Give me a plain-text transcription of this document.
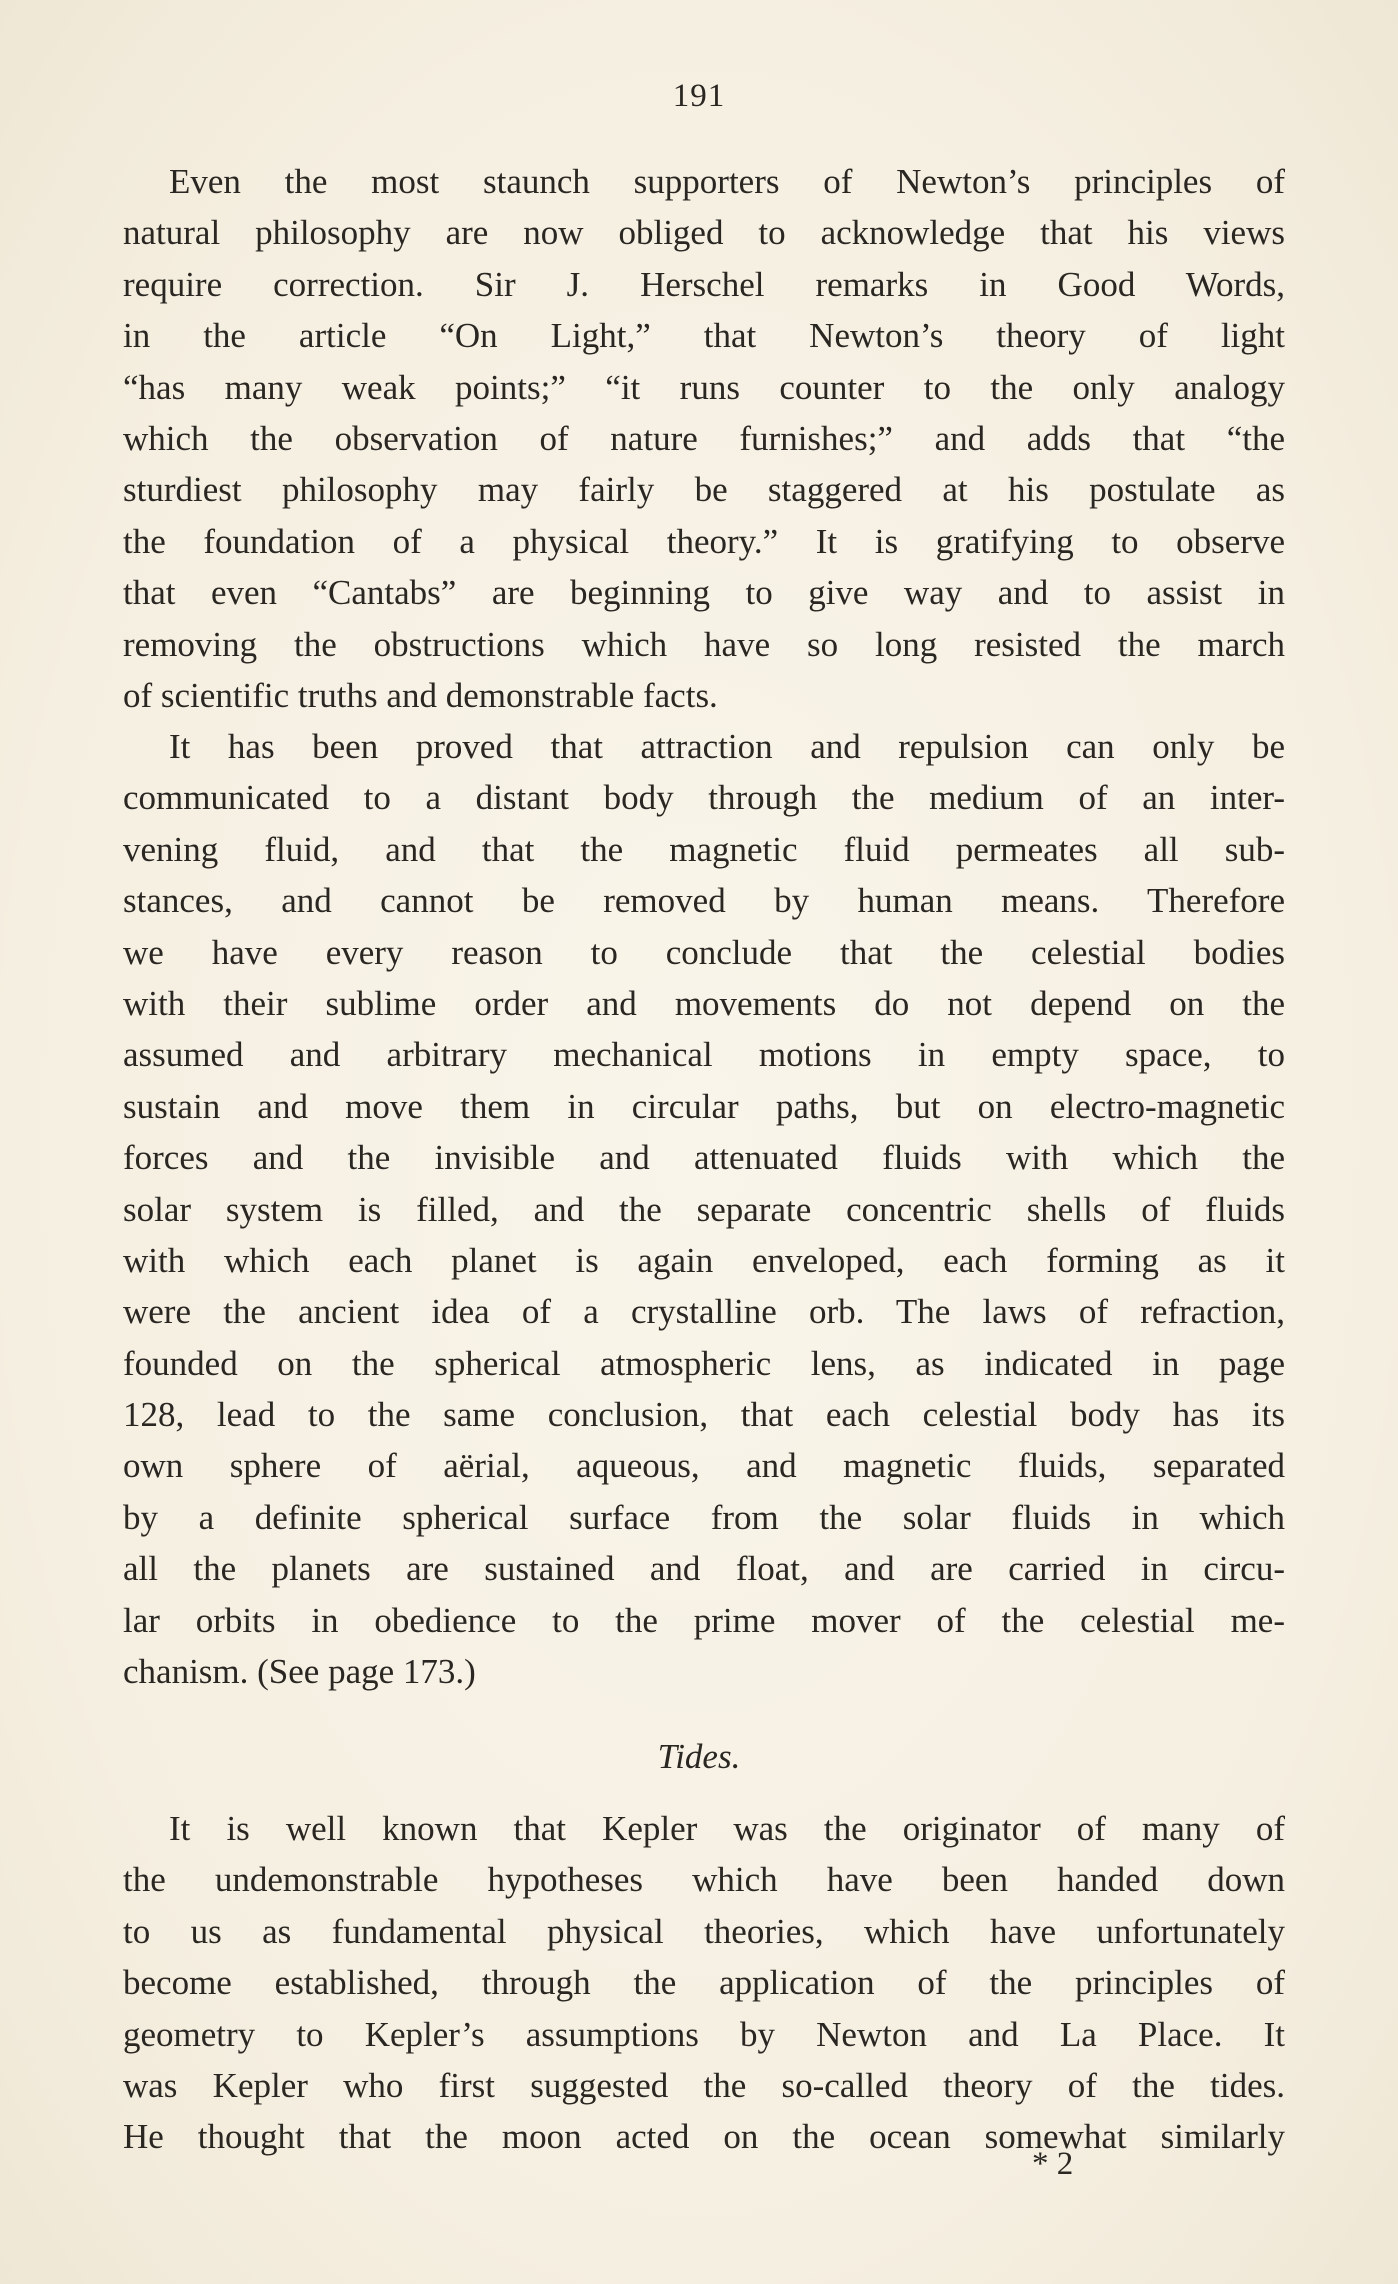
191
Even the most staunch supporters of Newton’s principles of
natural philosophy are now obliged to acknowledge that his views
require correction. Sir J. Herschel remarks in Good Words,
in the article “On Light,” that Newton’s theory of light
“has many weak points;” “it runs counter to the only analogy
which the observation of nature furnishes;” and adds that “the
sturdiest philosophy may fairly be staggered at his postulate as
the foundation of a physical theory.” It is gratifying to observe
that even “Cantabs” are beginning to give way and to assist in
removing the obstructions which have so long resisted the march
of scientific truths and demonstrable facts.
It has been proved that attraction and repulsion can only be
communicated to a distant body through the medium of an inter-
vening fluid, and that the magnetic fluid permeates all sub-
stances, and cannot be removed by human means. Therefore
we have every reason to conclude that the celestial bodies
with their sublime order and movements do not depend on the
assumed and arbitrary mechanical motions in empty space, to
sustain and move them in circular paths, but on electro-magnetic
forces and the invisible and attenuated fluids with which the
solar system is filled, and the separate concentric shells of fluids
with which each planet is again enveloped, each forming as it
were the ancient idea of a crystalline orb. The laws of refraction,
founded on the spherical atmospheric lens, as indicated in page
128, lead to the same conclusion, that each celestial body has its
own sphere of aërial, aqueous, and magnetic fluids, separated
by a definite spherical surface from the solar fluids in which
all the planets are sustained and float, and are carried in circu-
lar orbits in obedience to the prime mover of the celestial me-
chanism. (See page 173.)
Tides.
It is well known that Kepler was the originator of many of
the undemonstrable hypotheses which have been handed down
to us as fundamental physical theories, which have unfortunately
become established, through the application of the principles of
geometry to Kepler’s assumptions by Newton and La Place. It
was Kepler who first suggested the so-called theory of the tides.
He thought that the moon acted on the ocean somewhat similarly
* 2
